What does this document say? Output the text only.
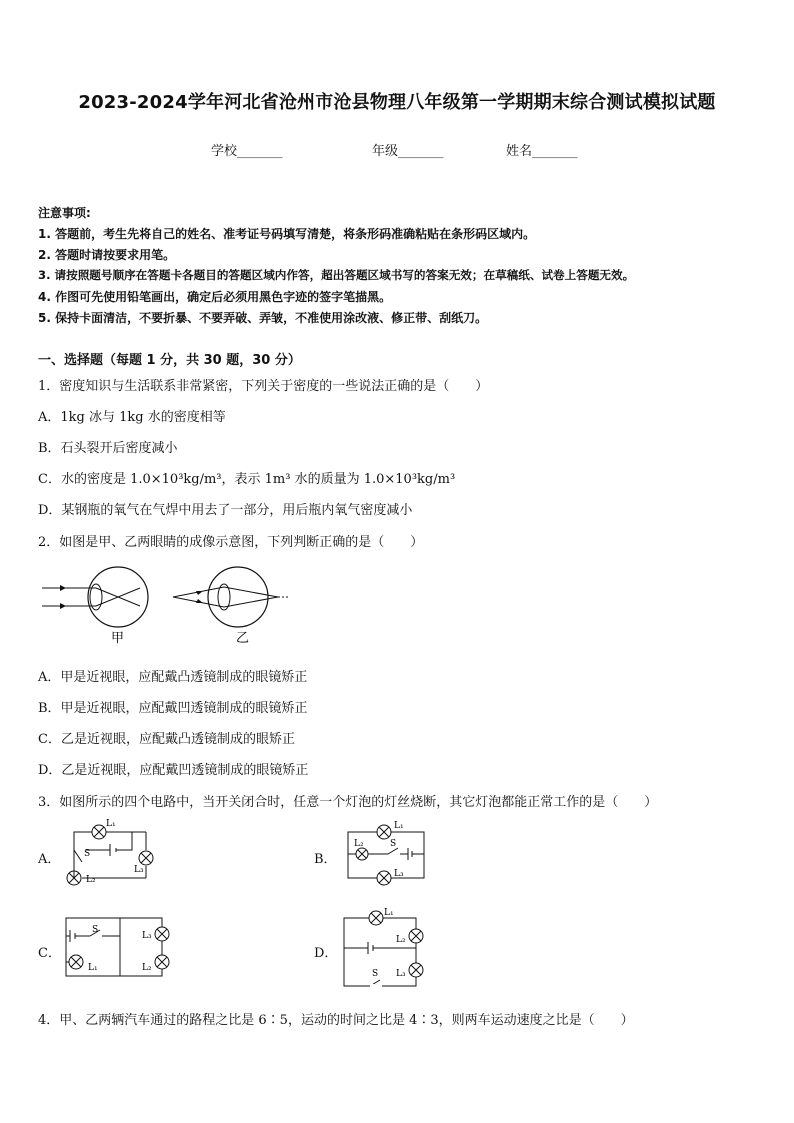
2023-2024学年河北省沧州市沧县物理八年级第一学期期末综合测试模拟试题
学校_______	年级_______	姓名_______
注意事项:
1. 答题前，考生先将自己的姓名、准考证号码填写清楚，将条形码准确粘贴在条形码区域内。
2. 答题时请按要求用笔。
3. 请按照题号顺序在答题卡各题目的答题区域内作答，超出答题区域书写的答案无效；在草稿纸、试卷上答题无效。
4. 作图可先使用铅笔画出，确定后必须用黑色字迹的签字笔描黑。
5. 保持卡面清洁，不要折暴、不要弄破、弄皱，不准使用涂改液、修正带、刮纸刀。
一、选择题（每题 1 分，共 30 题，30 分）
1．密度知识与生活联系非常紧密，下列关于密度的一些说法正确的是（　　）
A．1kg 冰与 1kg 水的密度相等
B．石头裂开后密度减小
C．水的密度是 1.0×10³kg/m³，表示 1m³ 水的质量为 1.0×10³kg/m³
D．某钢瓶的氧气在气焊中用去了一部分，用后瓶内氧气密度减小
2．如图是甲、乙两眼睛的成像示意图，下列判断正确的是（　　）
甲	乙
A．甲是近视眼，应配戴凸透镜制成的眼镜矫正
B．甲是近视眼，应配戴凹透镜制成的眼镜矫正
C．乙是近视眼，应配戴凸透镜制成的眼矫正
D．乙是近视眼，应配戴凹透镜制成的眼镜矫正
3．如图所示的四个电路中，当开关闭合时，任意一个灯泡的灯丝烧断，其它灯泡都能正常工作的是（　　）
A．	B．
C．	D．
L₁
S
L₃
L₂
L₁
L₂	S
L₃
S
L₃
L₁	L₂
L₁
L₂
S L₃
4．甲、乙两辆汽车通过的路程之比是 6∶5，运动的时间之比是 4∶3，则两车运动速度之比是（　　）
